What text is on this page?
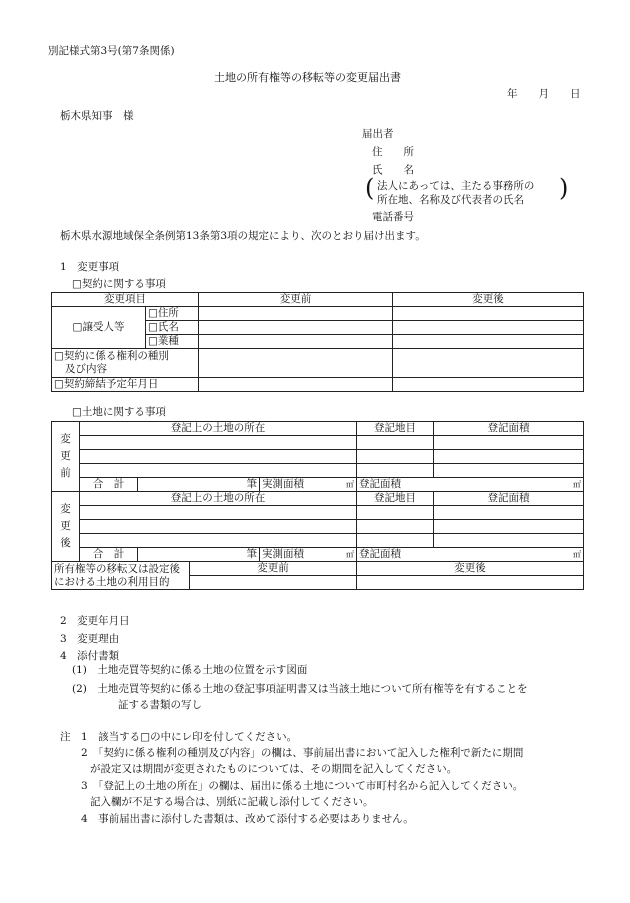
別記様式第3号(第7条関係)
土地の所有権等の移転等の変更届出書
年　　月　　日
栃木県知事　様
届出者
住　　所
氏　　名
( 法人にあっては、主たる事務所の
所在地、名称及び代表者の氏名 )
電話番号
栃木県水源地域保全条例第13条第3項の規定により、次のとおり届け出ます。
1　変更事項
□契約に関する事項
変更項目		変更前	変更後
□譲受人等	□住所		
	□氏名		
	□業種		

□契約に係る権利の種別
及び内容			

□契約締結予定年月日			
□土地に関する事項
変
更
前	登記上の土地の所在				登記地目	登記面積

	合　計	筆		実測面積 ㎡	登記面積 ㎡	

変
更
後	登記上の土地の所在				登記地目	登記面積

	合　計	筆		実測面積 ㎡	登記面積 ㎡	

所有権等の移転又は設定後
における土地の利用目的			変更前		変更後	

2　変更年月日
3　変更理由
4　添付書類
(1)　土地売買等契約に係る土地の位置を示す図面
(2)　土地売買等契約に係る土地の登記事項証明書又は当該土地について所有権等を有することを
証する書類の写し
注　1　該当する□の中にレ印を付してください。
2　「契約に係る権利の種別及び内容」の欄は、事前届出書において記入した権利で新たに期間
が設定又は期間が変更されたものについては、その期間を記入してください。
3　「登記上の土地の所在」の欄は、届出に係る土地について市町村名から記入してください。
記入欄が不足する場合は、別紙に記載し添付してください。
4　事前届出書に添付した書類は、改めて添付する必要はありません。
